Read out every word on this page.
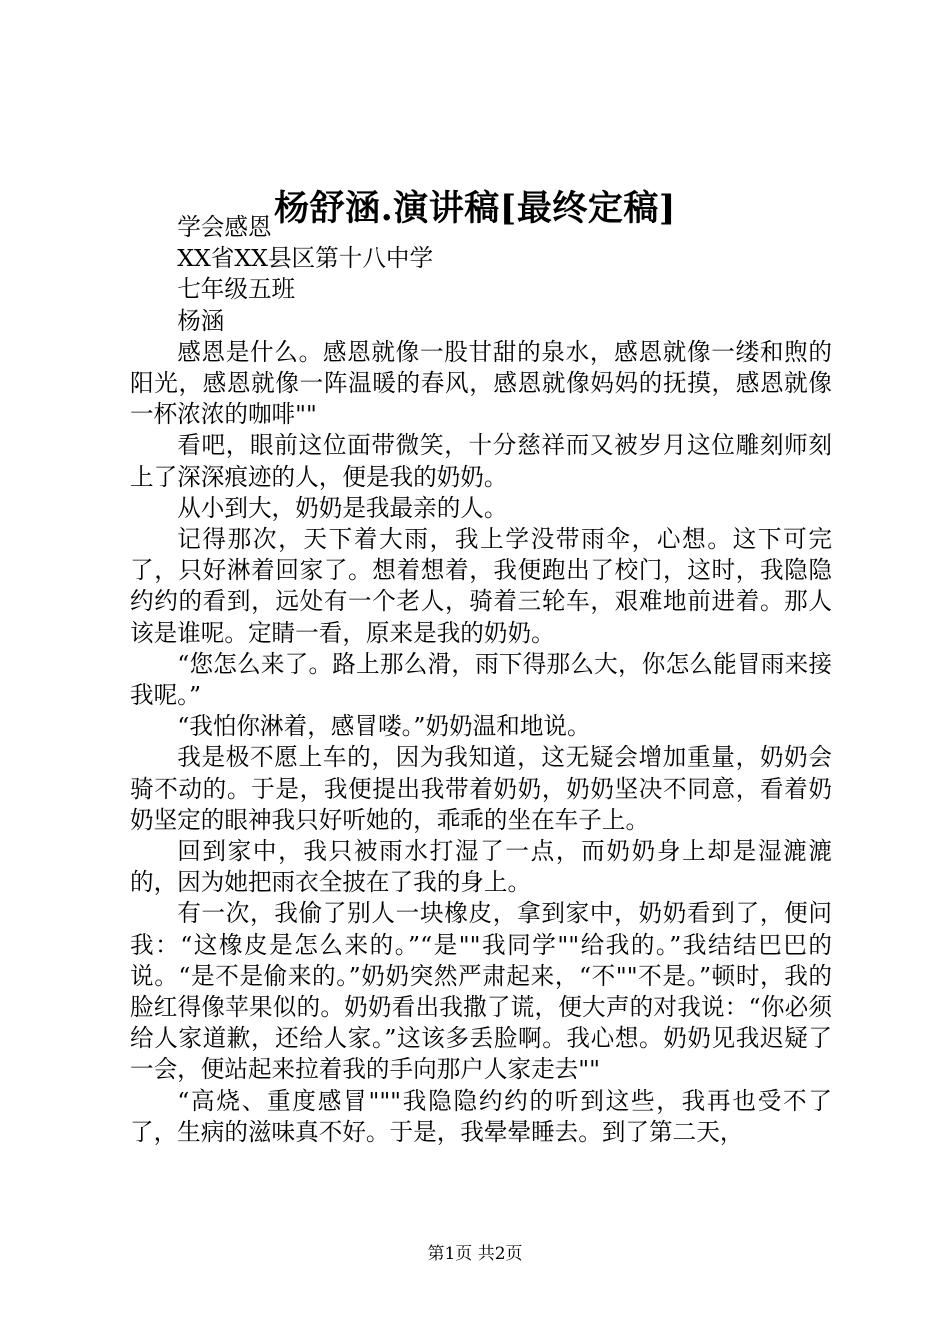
杨舒涵.演讲稿[最终定稿]

学会感恩

XX省XX县区第十八中学

七年级五班

杨涵

感恩是什么。感恩就像一股甘甜的泉水，感恩就像一缕和煦的阳光，感恩就像一阵温暖的春风，感恩就像妈妈的抚摸，感恩就像一杯浓浓的咖啡""

看吧，眼前这位面带微笑，十分慈祥而又被岁月这位雕刻师刻上了深深痕迹的人，便是我的奶奶。

从小到大，奶奶是我最亲的人。

记得那次，天下着大雨，我上学没带雨伞，心想。这下可完了，只好淋着回家了。想着想着，我便跑出了校门，这时，我隐隐约约的看到，远处有一个老人，骑着三轮车，艰难地前进着。那人该是谁呢。定睛一看，原来是我的奶奶。

“您怎么来了。路上那么滑，雨下得那么大，你怎么能冒雨来接我呢。”

“我怕你淋着，感冒喽。”奶奶温和地说。

我是极不愿上车的，因为我知道，这无疑会增加重量，奶奶会骑不动的。于是，我便提出我带着奶奶，奶奶坚决不同意，看着奶奶坚定的眼神我只好听她的，乖乖的坐在车子上。

回到家中，我只被雨水打湿了一点，而奶奶身上却是湿漉漉的，因为她把雨衣全披在了我的身上。

有一次，我偷了别人一块橡皮，拿到家中，奶奶看到了，便问我：“这橡皮是怎么来的。”“是""我同学""给我的。”我结结巴巴的说。“是不是偷来的。”奶奶突然严肃起来，“不""不是。”顿时，我的脸红得像苹果似的。奶奶看出我撒了谎，便大声的对我说：“你必须给人家道歉，还给人家。”这该多丢脸啊。我心想。奶奶见我迟疑了一会，便站起来拉着我的手向那户人家走去""

“高烧、重度感冒"""我隐隐约约的听到这些，我再也受不了了，生病的滋味真不好。于是，我晕晕睡去。到了第二天，

第1页 共2页
